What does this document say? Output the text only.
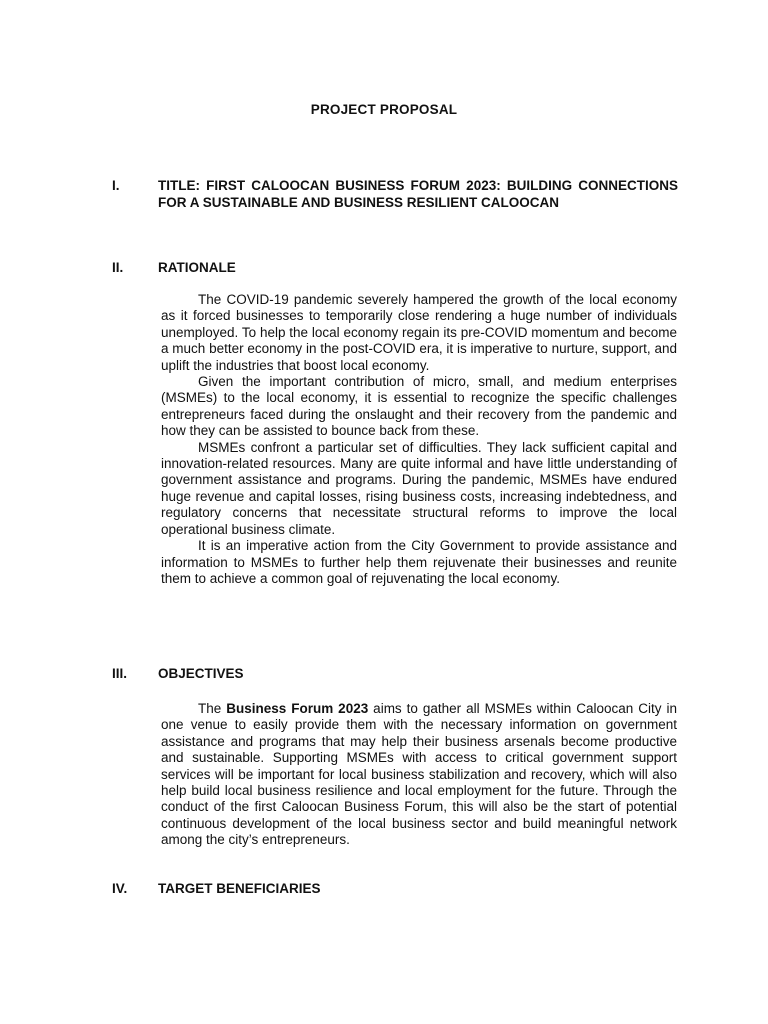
PROJECT PROPOSAL
I.	TITLE: FIRST CALOOCAN BUSINESS FORUM 2023: BUILDING CONNECTIONS FOR A SUSTAINABLE AND BUSINESS RESILIENT CALOOCAN
II.	RATIONALE

The COVID-19 pandemic severely hampered the growth of the local economy as it forced businesses to temporarily close rendering a huge number of individuals unemployed. To help the local economy regain its pre-COVID momentum and become a much better economy in the post-COVID era, it is imperative to nurture, support, and uplift the industries that boost local economy.

Given the important contribution of micro, small, and medium enterprises (MSMEs) to the local economy, it is essential to recognize the specific challenges entrepreneurs faced during the onslaught and their recovery from the pandemic and how they can be assisted to bounce back from these.

MSMEs confront a particular set of difficulties. They lack sufficient capital and innovation-related resources. Many are quite informal and have little understanding of government assistance and programs. During the pandemic, MSMEs have endured huge revenue and capital losses, rising business costs, increasing indebtedness, and regulatory concerns that necessitate structural reforms to improve the local operational business climate.

It is an imperative action from the City Government to provide assistance and information to MSMEs to further help them rejuvenate their businesses and reunite them to achieve a common goal of rejuvenating the local economy.

III. OBJECTIVES

The Business Forum 2023 aims to gather all MSMEs within Caloocan City in one venue to easily provide them with the necessary information on government assistance and programs that may help their business arsenals become productive and sustainable. Supporting MSMEs with access to critical government support services will be important for local business stabilization and recovery, which will also help build local business resilience and local employment for the future. Through the conduct of the first Caloocan Business Forum, this will also be the start of potential continuous development of the local business sector and build meaningful network among the city’s entrepreneurs.

IV. TARGET BENEFICIARIES
